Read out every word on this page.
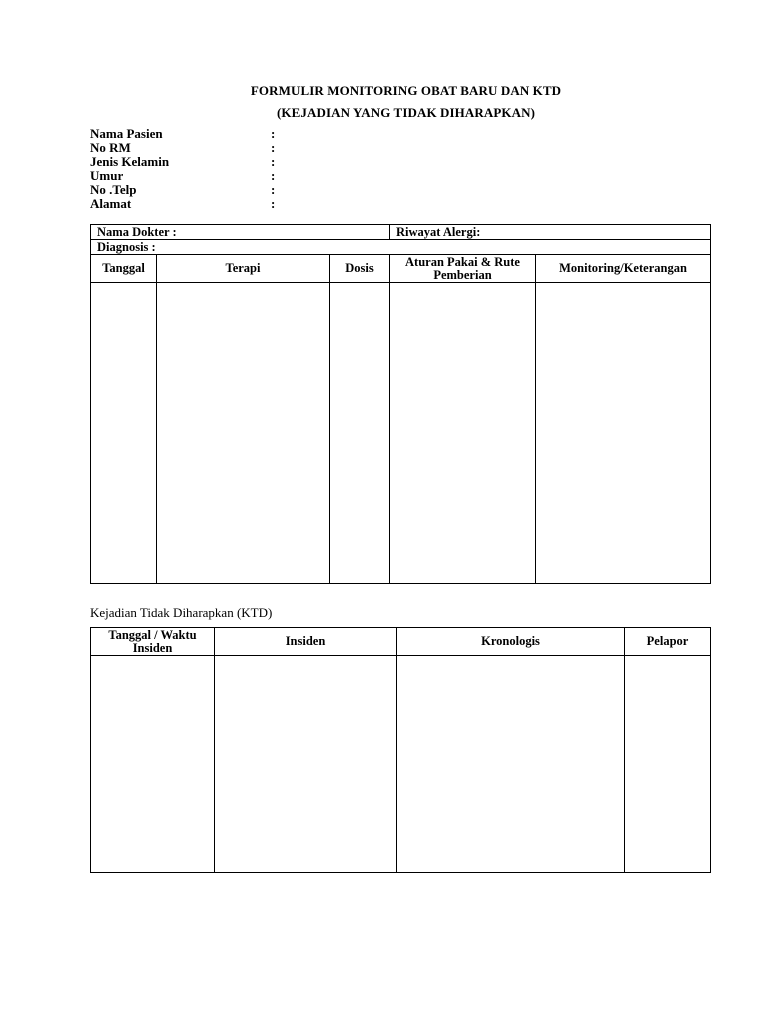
FORMULIR MONITORING OBAT BARU DAN KTD
(KEJADIAN YANG TIDAK DIHARAPKAN)
Nama Pasien	:
No RM	:
Jenis Kelamin	:
Umur	:
No .Telp	:
Alamat	:
Nama Dokter :			Riwayat Alergi:	
Diagnosis :				
Tanggal	Terapi	Dosis	Aturan Pakai & Rute Pemberian	Monitoring/Keterangan

Kejadian Tidak Diharapkan (KTD)
Tanggal / Waktu Insiden	Insiden	Kronologis	Pelapor
